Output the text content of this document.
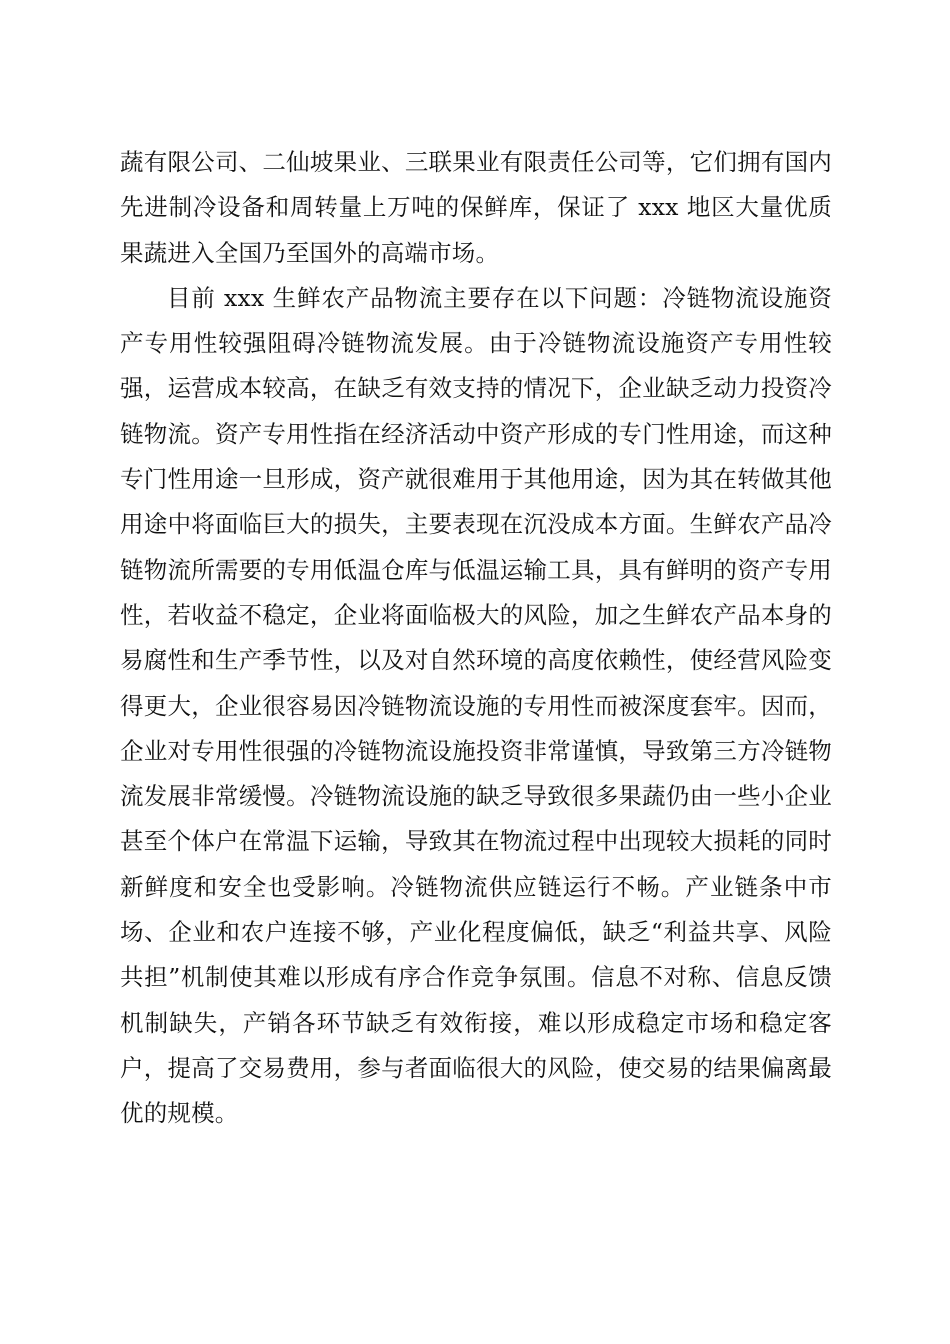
蔬有限公司、二仙坡果业、三联果业有限责任公司等，它们拥有国内先进制冷设备和周转量上万吨的保鲜库，保证了 xxx 地区大量优质果蔬进入全国乃至国外的高端市场。

目前 xxx 生鲜农产品物流主要存在以下问题：冷链物流设施资产专用性较强阻碍冷链物流发展。由于冷链物流设施资产专用性较强，运营成本较高，在缺乏有效支持的情况下，企业缺乏动力投资冷链物流。资产专用性指在经济活动中资产形成的专门性用途，而这种专门性用途一旦形成，资产就很难用于其他用途，因为其在转做其他用途中将面临巨大的损失，主要表现在沉没成本方面。生鲜农产品冷链物流所需要的专用低温仓库与低温运输工具，具有鲜明的资产专用性，若收益不稳定，企业将面临极大的风险，加之生鲜农产品本身的易腐性和生产季节性，以及对自然环境的高度依赖性，使经营风险变得更大，企业很容易因冷链物流设施的专用性而被深度套牢。因而，企业对专用性很强的冷链物流设施投资非常谨慎，导致第三方冷链物流发展非常缓慢。冷链物流设施的缺乏导致很多果蔬仍由一些小企业甚至个体户在常温下运输，导致其在物流过程中出现较大损耗的同时新鲜度和安全也受影响。冷链物流供应链运行不畅。产业链条中市场、企业和农户连接不够，产业化程度偏低，缺乏“利益共享、风险共担”机制使其难以形成有序合作竞争氛围。信息不对称、信息反馈机制缺失，产销各环节缺乏有效衔接，难以形成稳定市场和稳定客户，提高了交易费用，参与者面临很大的风险，使交易的结果偏离最优的规模。
